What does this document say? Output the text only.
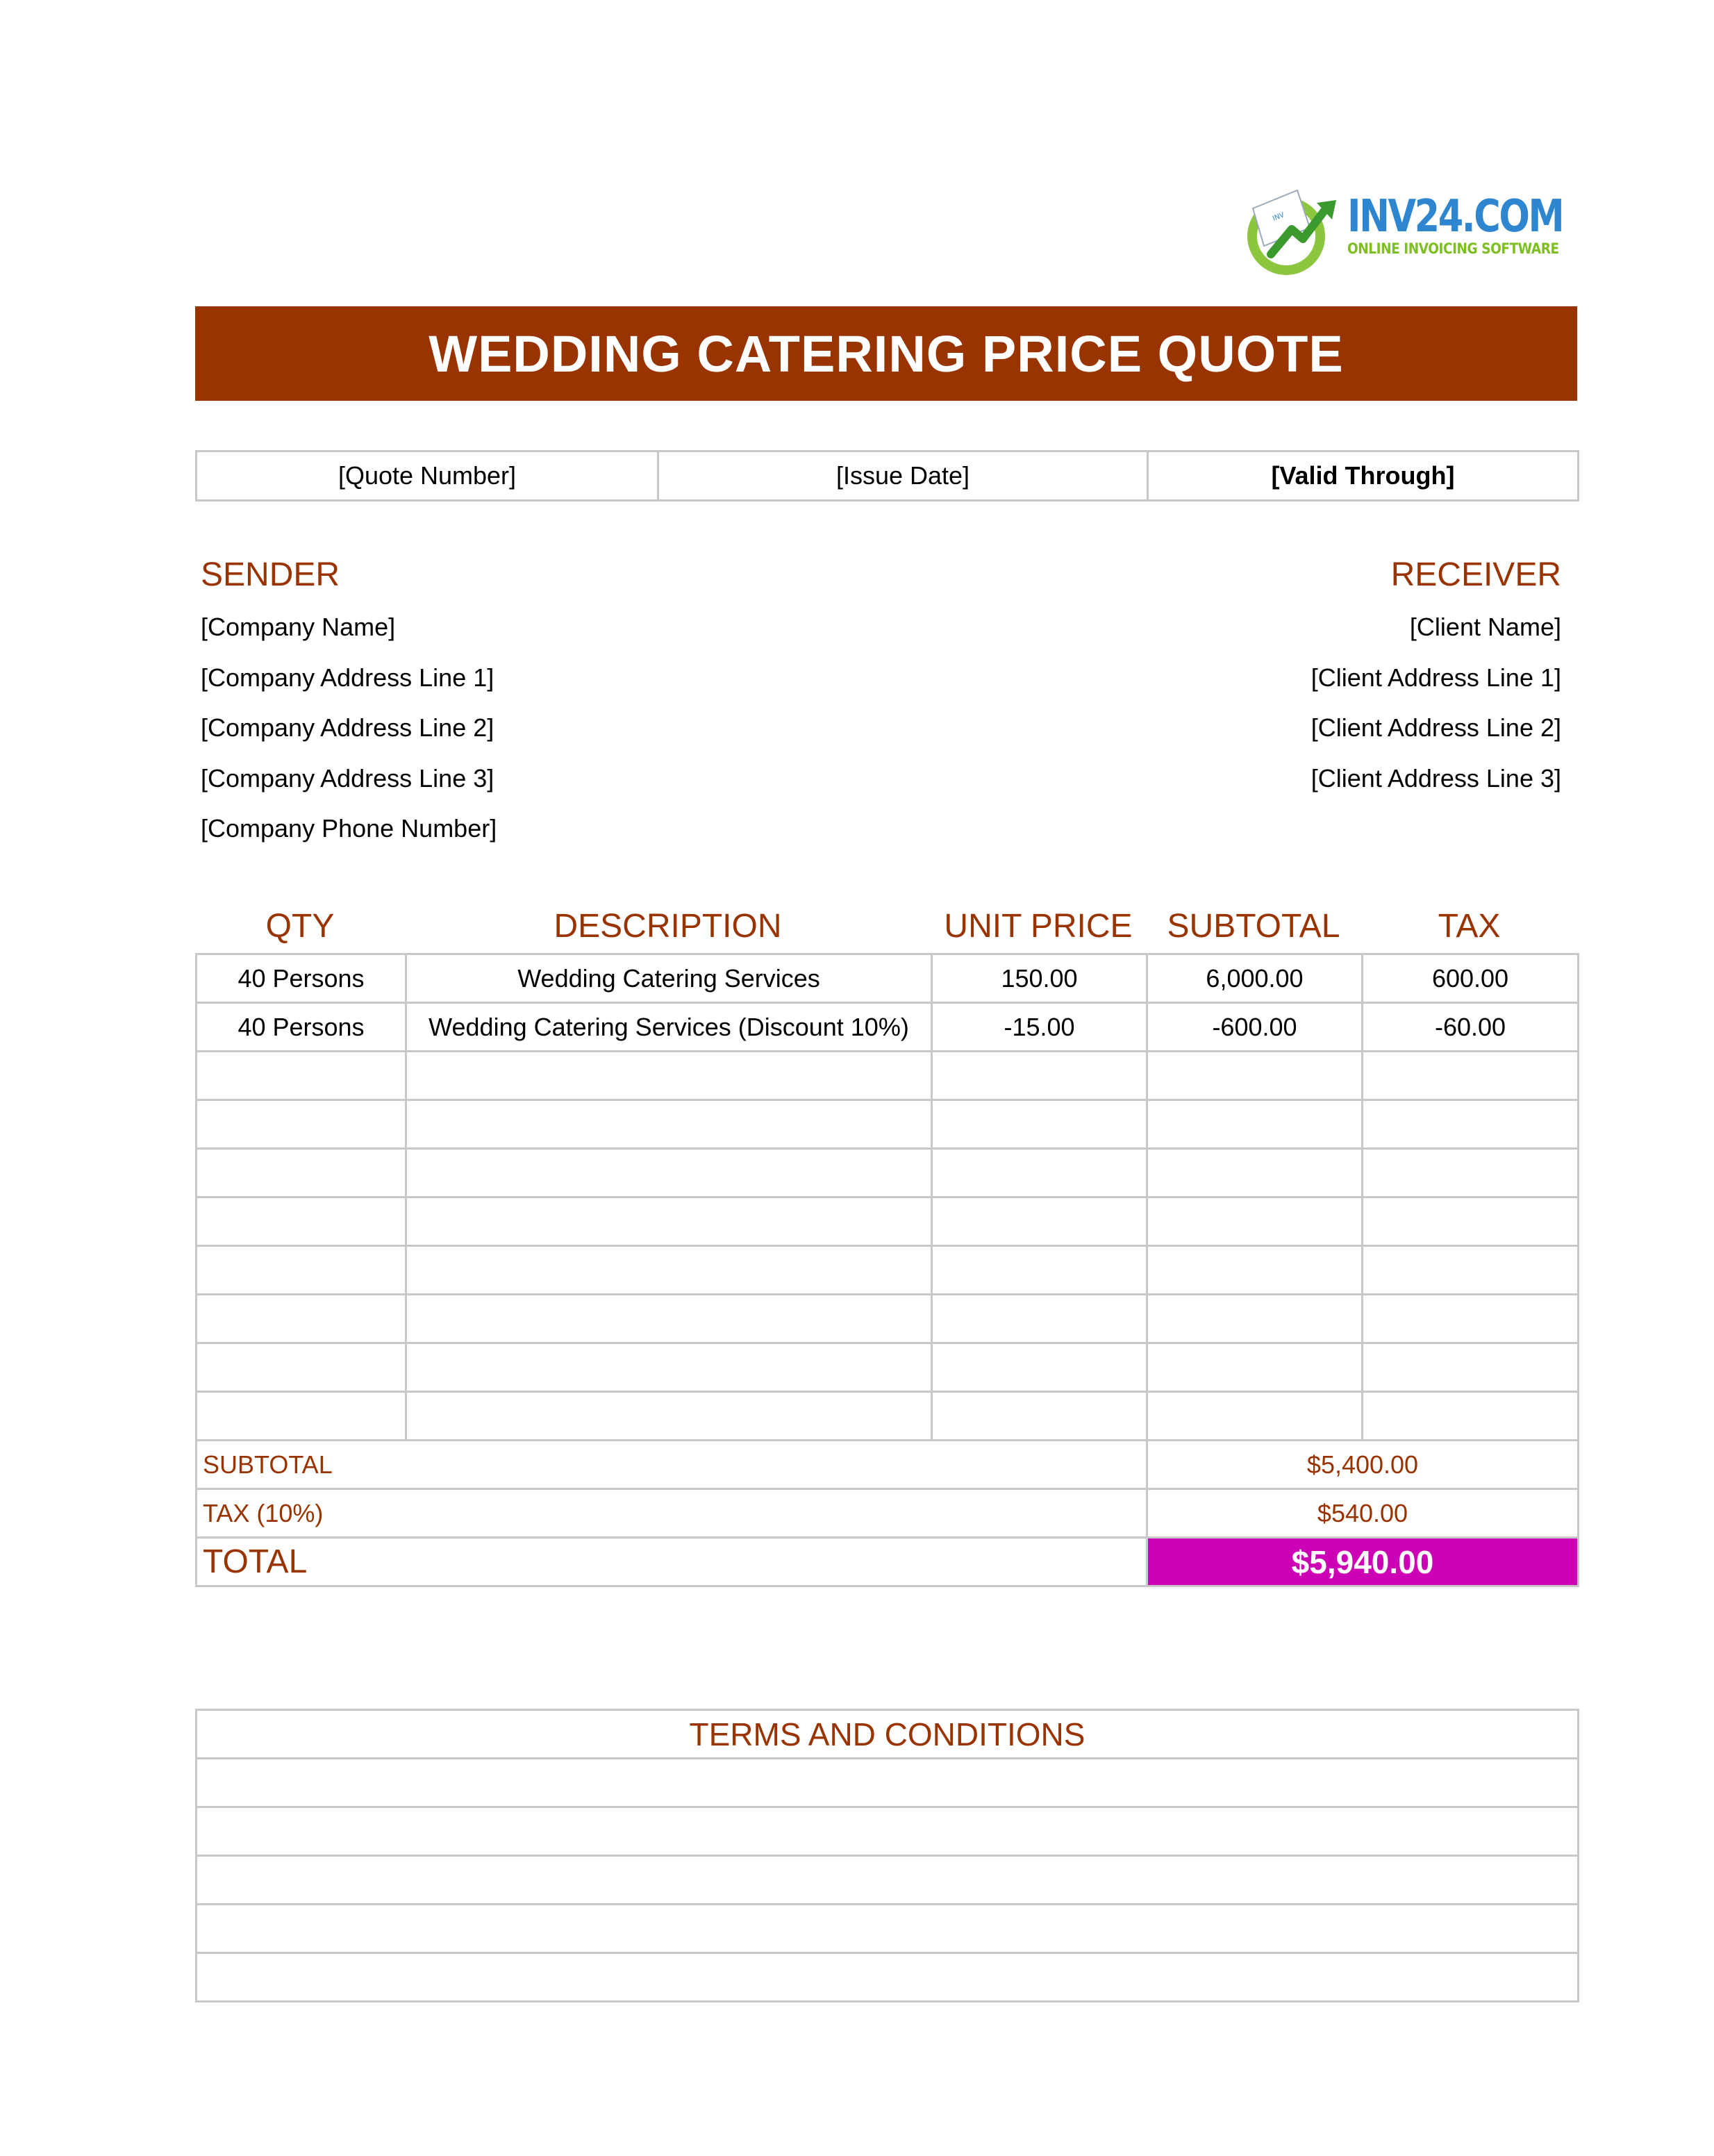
INV INV24.COM
ONLINE INVOICING SOFTWARE
WEDDING CATERING PRICE QUOTE
[Quote Number]	[Issue Date]	[Valid Through]
SENDER
[Company Name]
[Company Address Line 1]
[Company Address Line 2]
[Company Address Line 3]
[Company Phone Number]
RECEIVER
[Client Name]
[Client Address Line 1]
[Client Address Line 2]
[Client Address Line 3]
QTY	DESCRIPTION	UNIT PRICE	SUBTOTAL	TAX
40 Persons	Wedding Catering Services	150.00	6,000.00	600.00
40 Persons	Wedding Catering Services (Discount 10%)	-15.00	-600.00	-60.00

SUBTOTAL			$5,400.00	
TAX (10%)			$540.00	
TOTAL			$5,940.00	
TERMS AND CONDITIONS
